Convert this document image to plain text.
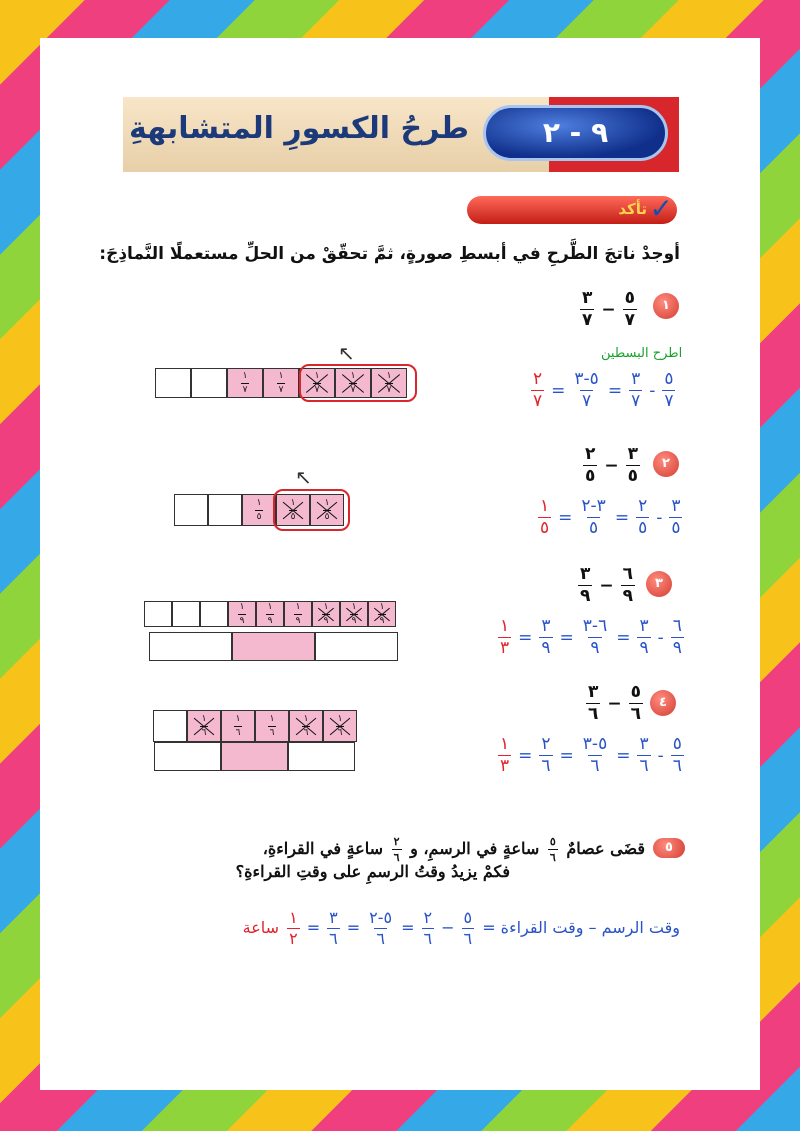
طرحُ الكسورِ المتشابهةِ	٩ - ٢
تأكد ✓
أوجدْ ناتجَ الطَّرحِ في أبسطِ صورةٍ، ثمَّ تحقّقْ من الحلِّ مستعملًا النَّماذِجَ:
١
$\frac{٥}{٧}$
−
$\frac{٣}{٧}$
اطرح البسطين
$\frac{٥}{٧}$
-
$\frac{٣}{٧}$
=
$\frac{٥-٣}{٧}$
=
$\frac{٢}{٧}$
$\frac{١}{٧}$	$\frac{١}{٧}$	$\frac{١}{٧}$	$\frac{١}{٧}$	$\frac{١}{٧}$
↖
٢
$\frac{٣}{٥}$
−
$\frac{٢}{٥}$
$\frac{٣}{٥}$
-
$\frac{٢}{٥}$
=
$\frac{٣-٢}{٥}$
=
$\frac{١}{٥}$
$\frac{١}{٥}$	$\frac{١}{٥}$	$\frac{١}{٥}$
↖
٣
$\frac{٦}{٩}$
−
$\frac{٣}{٩}$
$\frac{٦}{٩}$
-
$\frac{٣}{٩}$
=
$\frac{٦-٣}{٩}$
=
$\frac{٣}{٩}$
=
$\frac{١}{٣}$
$\frac{١}{٩} \frac{١}{٩} \frac{١}{٩} \frac{١}{٩} \frac{١}{٩} \frac{١}{٩}$
٤
$\frac{٥}{٦}$
−
$\frac{٣}{٦}$
$\frac{٥}{٦}$
-
$\frac{٣}{٦}$
=
$\frac{٥-٣}{٦}$
=
$\frac{٢}{٦}$
=
$\frac{١}{٣}$
$\frac{١}{٦}$	$\frac{١}{٦}$	$\frac{١}{٦}$	$\frac{١}{٦}$	$\frac{١}{٦}$
٥
قضَى عصامٌ
$\frac{٥}{٦}$
ساعةٍ في الرسمِ، و
$\frac{٢}{٦}$
ساعةٍ في القراءةِ،
فكمْ يزيدُ وقتُ الرسمِ على وقتِ القراءةِ؟
وقت الرسم – وقت القراءة =
$\frac{٥}{٦}$
−
$\frac{٢}{٦}$
=
$\frac{٥-٢}{٦}$
=
$\frac{٣}{٦}$
=
$\frac{١}{٢}$
ساعة
